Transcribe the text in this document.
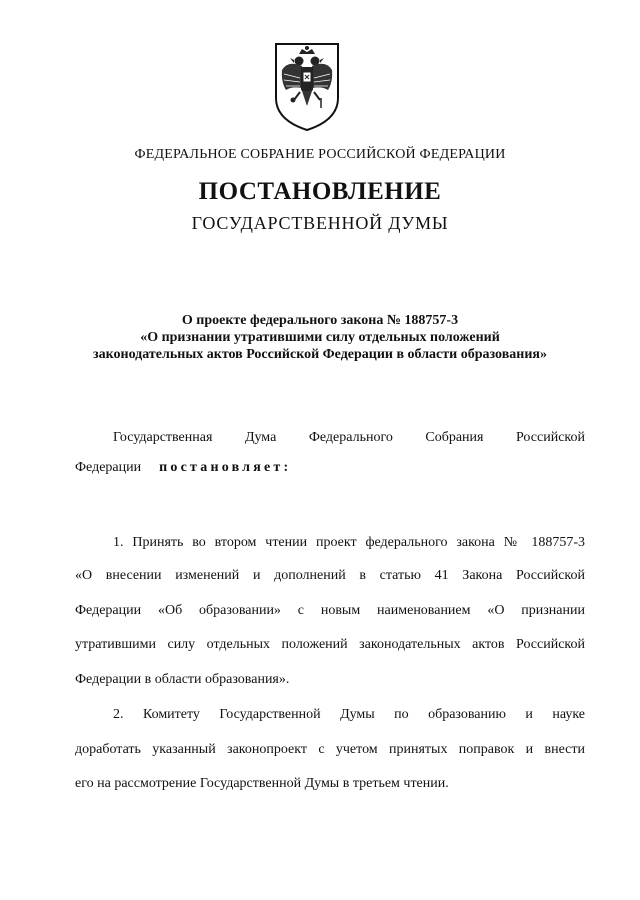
ФЕДЕРАЛЬНОЕ СОБРАНИЕ РОССИЙСКОЙ ФЕДЕРАЦИИ
ПОСТАНОВЛЕНИЕ
ГОСУДАРСТВЕННОЙ ДУМЫ
О проекте федерального закона № 188757-3
«О признании утратившими силу отдельных положений
законодательных актов Российской Федерации в области образования»
Государственная Дума Федерального Собрания Российской
Федерации постановляет:
1. Принять во втором чтении проект федерального закона № 188757-3
«О внесении изменений и дополнений в статью 41 Закона Российской
Федерации «Об образовании» с новым наименованием «О признании
утратившими силу отдельных положений законодательных актов Российской
Федерации в области образования».
2. Комитету Государственной Думы по образованию и науке
доработать указанный законопроект с учетом принятых поправок и внести
его на рассмотрение Государственной Думы в третьем чтении.
